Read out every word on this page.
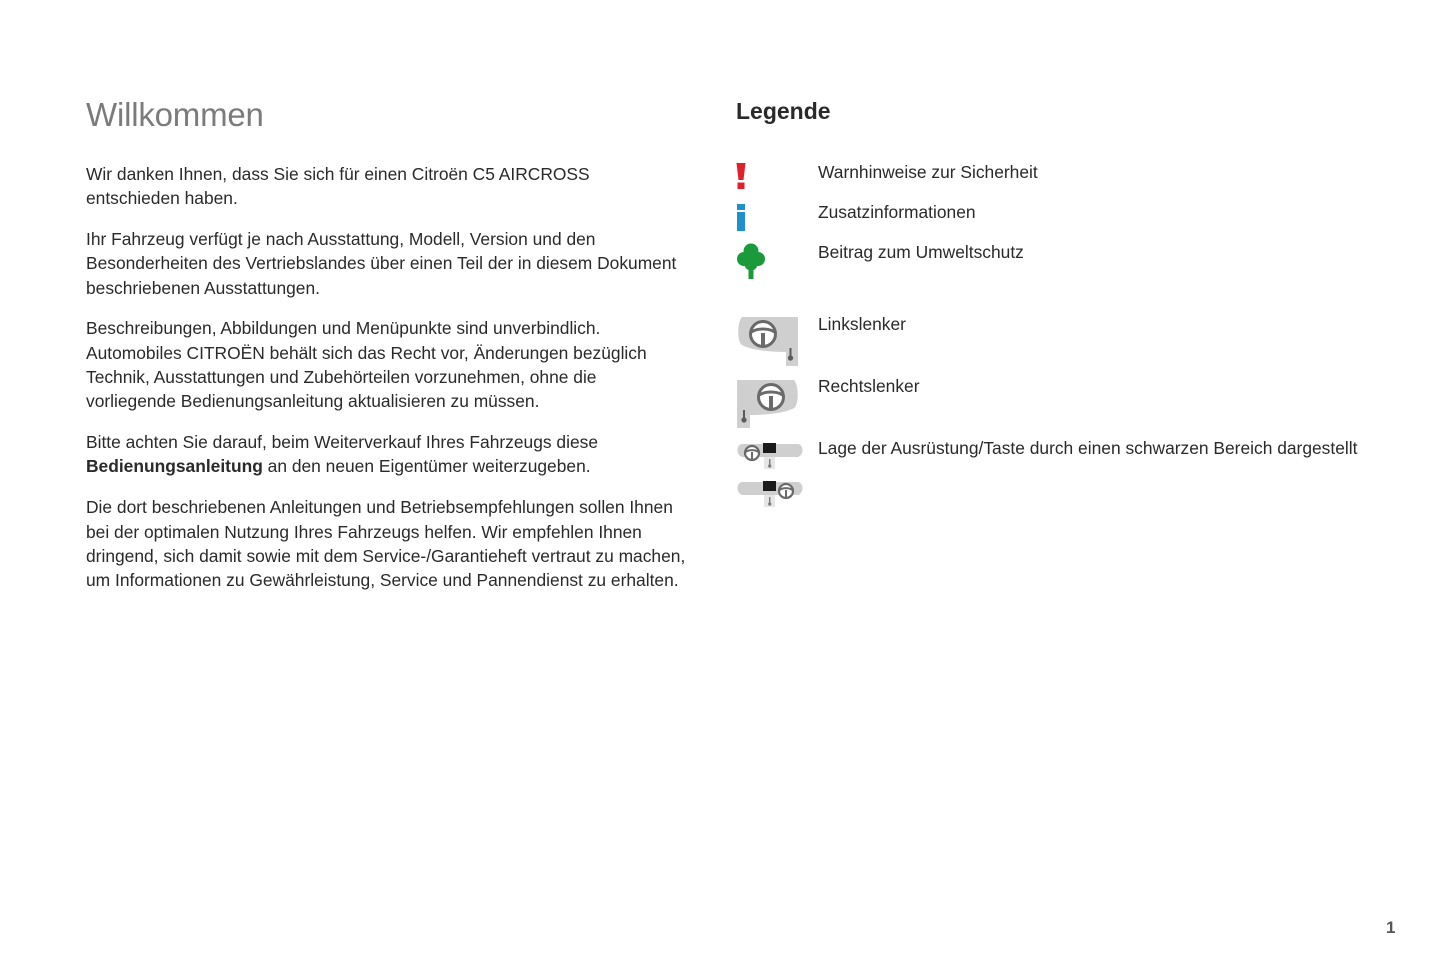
Willkommen

Wir danken Ihnen, dass Sie sich für einen Citroën C5 AIRCROSS entschieden haben.

Ihr Fahrzeug verfügt je nach Ausstattung, Modell, Version und den Besonderheiten des Vertriebslandes über einen Teil der in diesem Dokument beschriebenen Ausstattungen.

Beschreibungen, Abbildungen und Menüpunkte sind unverbindlich. Automobiles CITROËN behält sich das Recht vor, Änderungen bezüglich Technik, Ausstattungen und Zubehörteilen vorzunehmen, ohne die vorliegende Bedienungsanleitung aktualisieren zu müssen.

Bitte achten Sie darauf, beim Weiterverkauf Ihres Fahrzeugs diese Bedienungsanleitung an den neuen Eigentümer weiterzugeben.

Die dort beschriebenen Anleitungen und Betriebsempfehlungen sollen Ihnen bei der optimalen Nutzung Ihres Fahrzeugs helfen. Wir empfehlen Ihnen dringend, sich damit sowie mit dem Service-/Garantieheft vertraut zu machen, um Informationen zu Gewährleistung, Service und Pannendienst zu erhalten.

Legende
Warnhinweise zur Sicherheit
Zusatzinformationen
Beitrag zum Umweltschutz
Linkslenker
Rechtslenker
Lage der Ausrüstung/Taste durch einen schwarzen Bereich dargestellt
1
